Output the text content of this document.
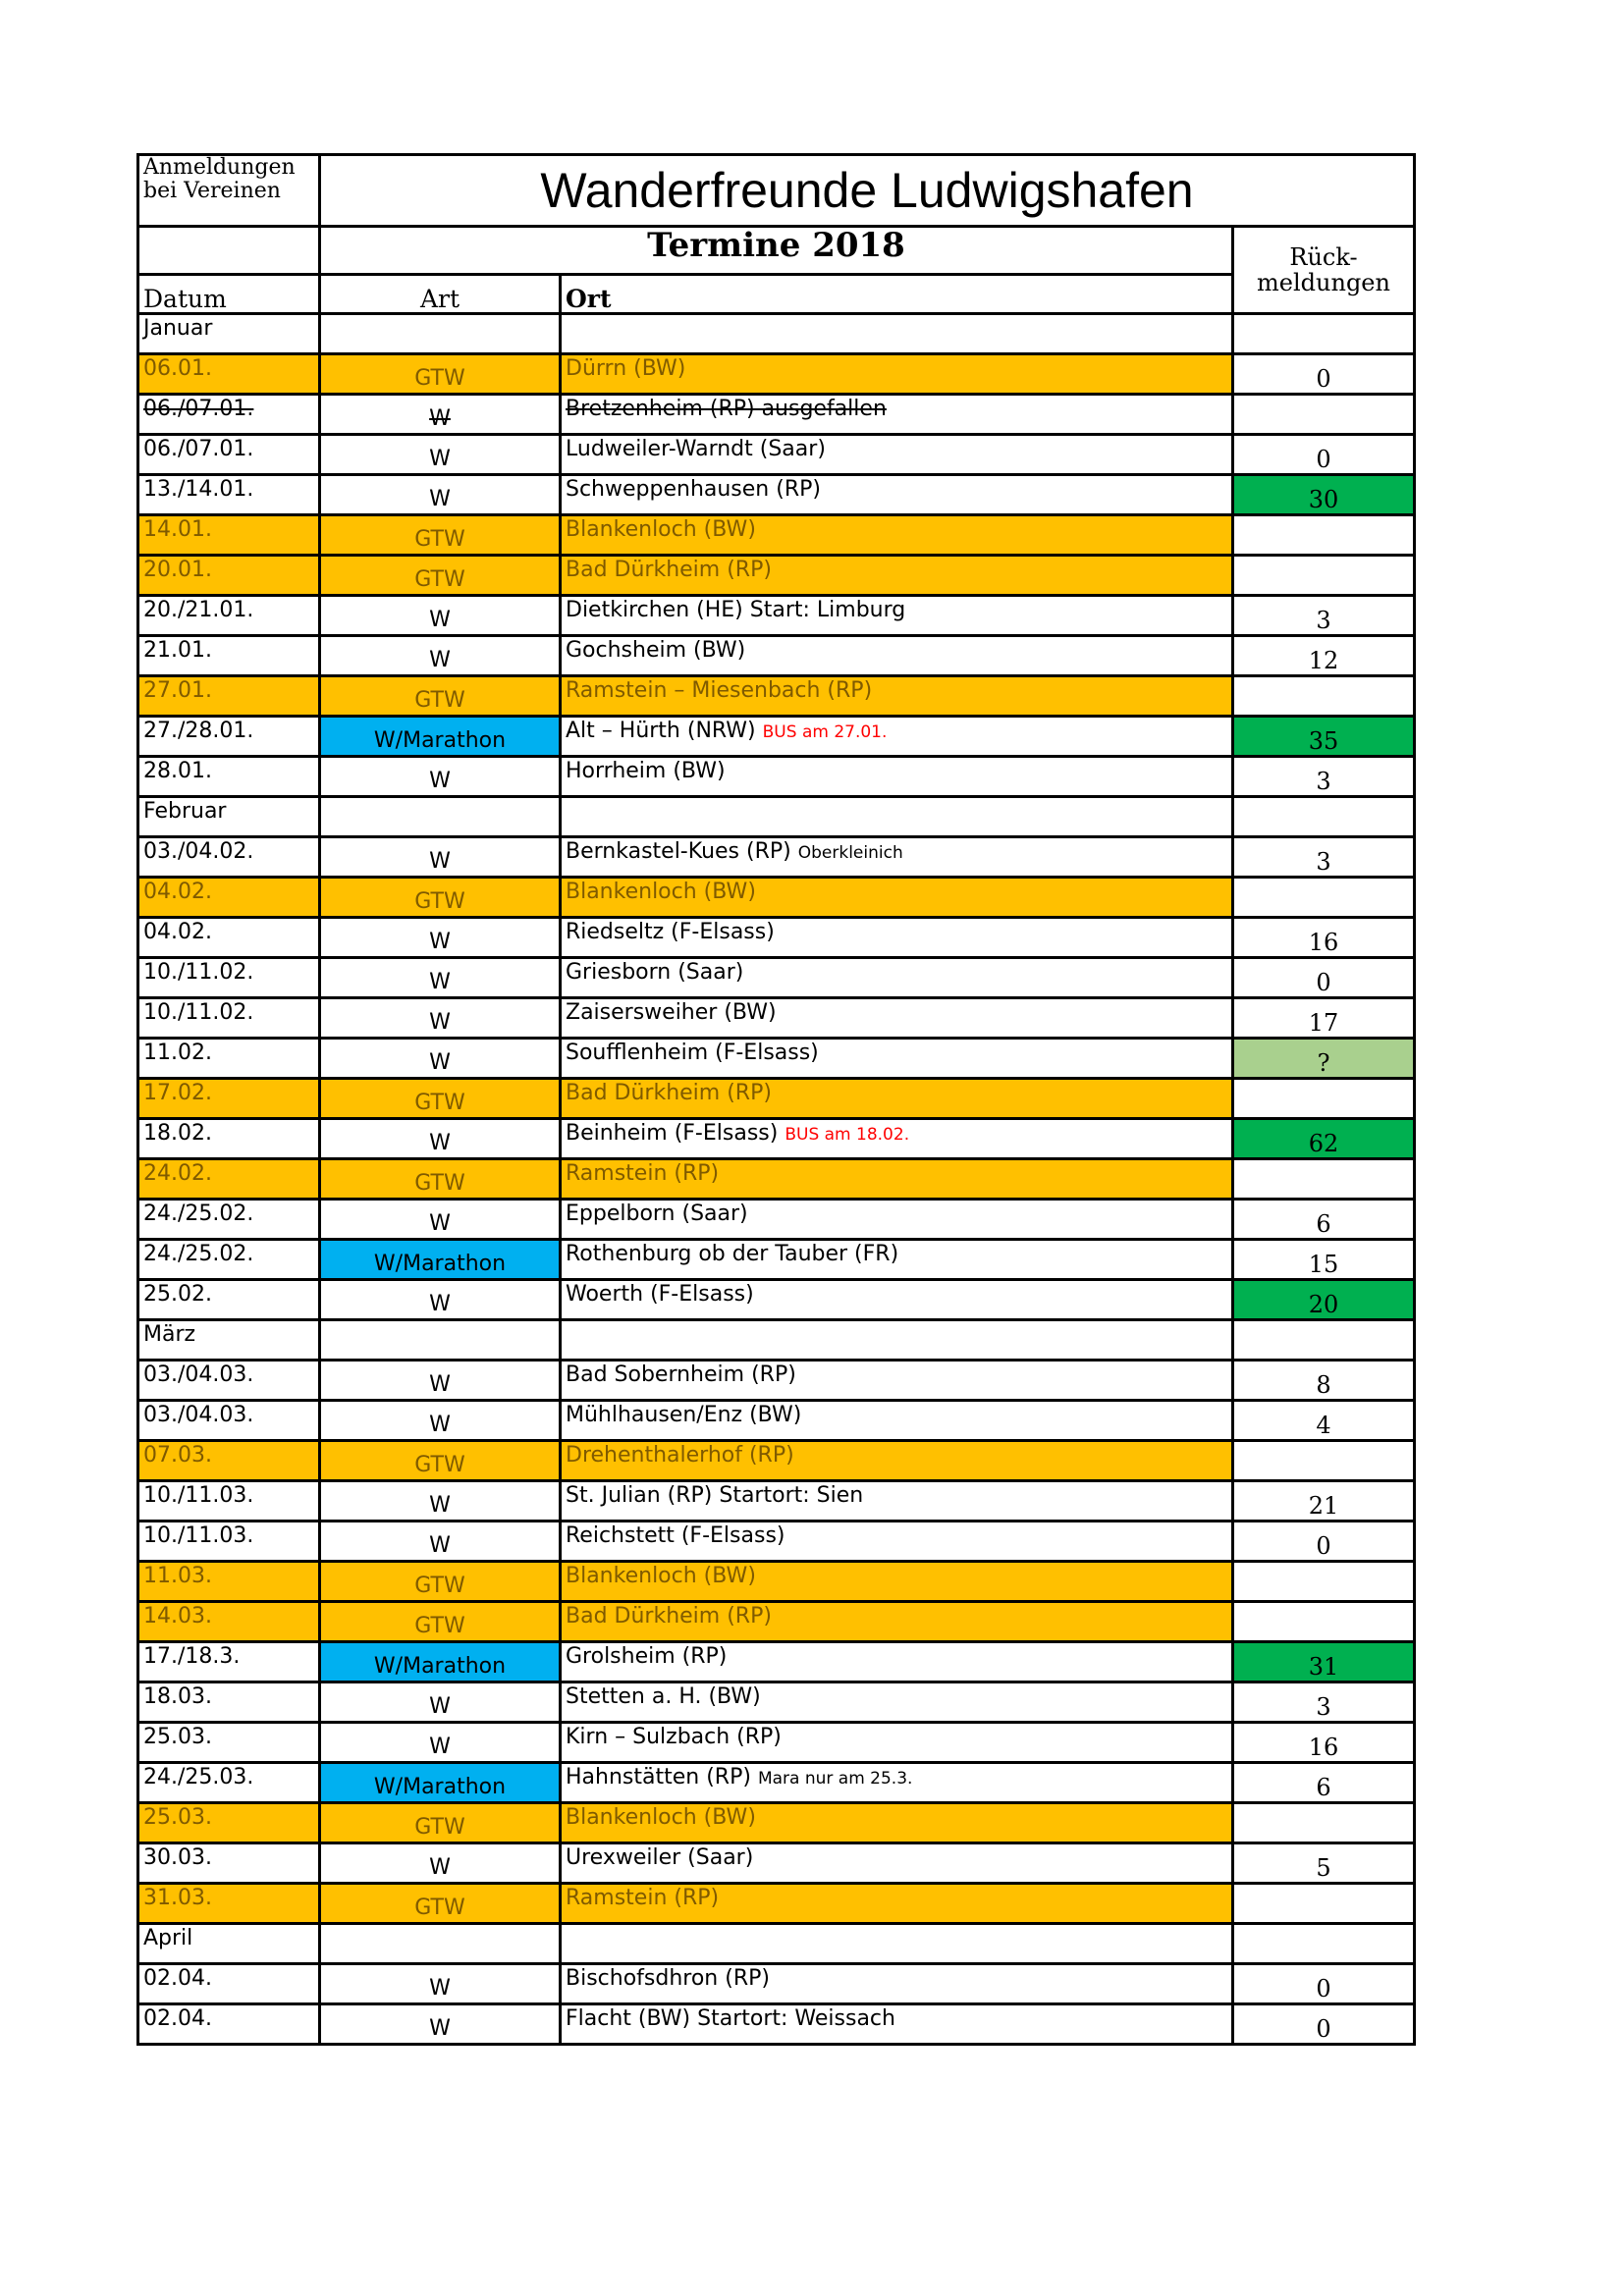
Anmeldungen
bei Vereinen	Wanderfreunde Ludwigshafen		
	Termine 2018		Rück-
meldungen

Datum	Art	Ort	
Januar			
06.01.	GTW	Dürrn (BW)	0
06./07.01.	W	Bretzenheim (RP) ausgefallen	
06./07.01.	W	Ludweiler-Warndt (Saar)	0
13./14.01.	W	Schweppenhausen (RP)	30
14.01.	GTW	Blankenloch (BW)	
20.01.	GTW	Bad Dürkheim (RP)	
20./21.01.	W	Dietkirchen (HE) Start: Limburg	3
21.01.	W	Gochsheim (BW)	12
27.01.	GTW	Ramstein – Miesenbach (RP)	
27./28.01.	W/Marathon	Alt – Hürth (NRW) BUS am 27.01.	35
28.01.	W	Horrheim (BW)	3
Februar			
03./04.02.	W	Bernkastel-Kues (RP) Oberkleinich	3
04.02.	GTW	Blankenloch (BW)	
04.02.	W	Riedseltz (F-Elsass)	16
10./11.02.	W	Griesborn (Saar)	0
10./11.02.	W	Zaisersweiher (BW)	17
11.02.	W	Soufflenheim (F-Elsass)	?
17.02.	GTW	Bad Dürkheim (RP)	
18.02.	W	Beinheim (F-Elsass) BUS am 18.02.	62
24.02.	GTW	Ramstein (RP)	
24./25.02.	W	Eppelborn (Saar)	6
24./25.02.	W/Marathon	Rothenburg ob der Tauber (FR)	15
25.02.	W	Woerth (F-Elsass)	20
März			
03./04.03.	W	Bad Sobernheim (RP)	8
03./04.03.	W	Mühlhausen/Enz (BW)	4
07.03.	GTW	Drehenthalerhof (RP)	
10./11.03.	W	St. Julian (RP) Startort: Sien	21
10./11.03.	W	Reichstett (F-Elsass)	0
11.03.	GTW	Blankenloch (BW)	
14.03.	GTW	Bad Dürkheim (RP)	
17./18.3.	W/Marathon	Grolsheim (RP)	31
18.03.	W	Stetten a. H. (BW)	3
25.03.	W	Kirn – Sulzbach (RP)	16
24./25.03.	W/Marathon	Hahnstätten (RP) Mara nur am 25.3.	6
25.03.	GTW	Blankenloch (BW)	
30.03.	W	Urexweiler (Saar)	5
31.03.	GTW	Ramstein (RP)	
April			
02.04.	W	Bischofsdhron (RP)	0
02.04.	W	Flacht (BW) Startort: Weissach	0
